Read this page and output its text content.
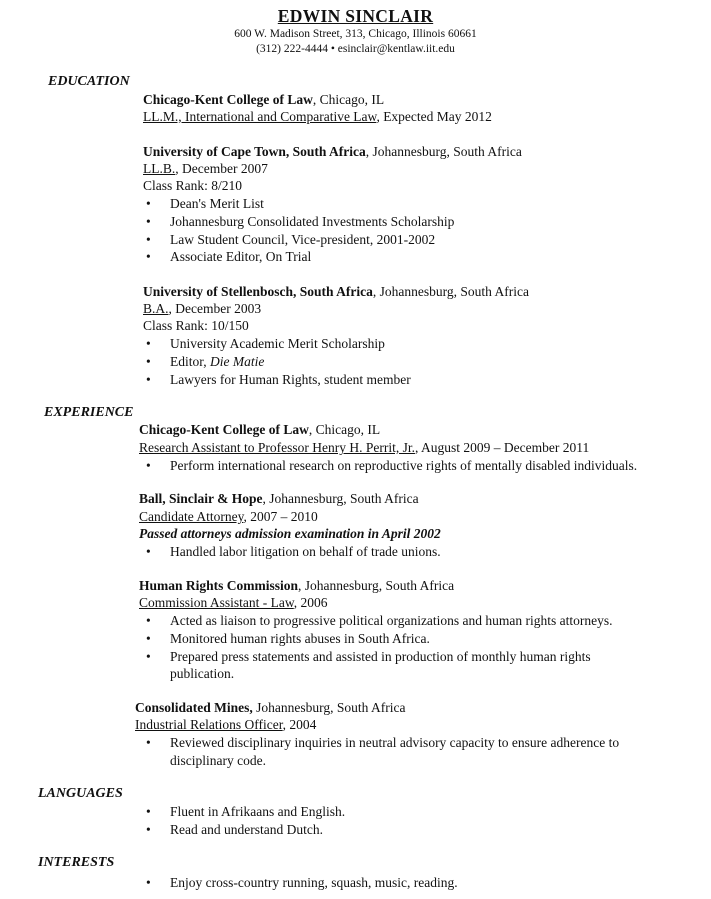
EDWIN SINCLAIR
600 W. Madison Street, 313, Chicago, Illinois 60661
(312) 222-4444 • esinclair@kentlaw.iit.edu
EDUCATION
Chicago-Kent College of Law, Chicago, IL
LL.M., International and Comparative Law, Expected May 2012
University of Cape Town, South Africa, Johannesburg, South Africa
LL.B., December 2007
Class Rank: 8/210
• Dean's Merit List
• Johannesburg Consolidated Investments Scholarship
• Law Student Council, Vice-president, 2001-2002
• Associate Editor, On Trial
University of Stellenbosch, South Africa, Johannesburg, South Africa
B.A., December 2003
Class Rank: 10/150
• University Academic Merit Scholarship
• Editor, Die Matie
• Lawyers for Human Rights, student member
EXPERIENCE
Chicago-Kent College of Law, Chicago, IL
Research Assistant to Professor Henry H. Perrit, Jr., August 2009 – December 2011
• Perform international research on reproductive rights of mentally disabled individuals.
Ball, Sinclair & Hope, Johannesburg, South Africa
Candidate Attorney, 2007 – 2010
Passed attorneys admission examination in April 2002
• Handled labor litigation on behalf of trade unions.
Human Rights Commission, Johannesburg, South Africa
Commission Assistant - Law, 2006
• Acted as liaison to progressive political organizations and human rights attorneys.
• Monitored human rights abuses in South Africa.
• Prepared press statements and assisted in production of monthly human rights
publication.
Consolidated Mines, Johannesburg, South Africa
Industrial Relations Officer, 2004
• Reviewed disciplinary inquiries in neutral advisory capacity to ensure adherence to
disciplinary code.
LANGUAGES
• Fluent in Afrikaans and English.
• Read and understand Dutch.
INTERESTS
• Enjoy cross-country running, squash, music, reading.
